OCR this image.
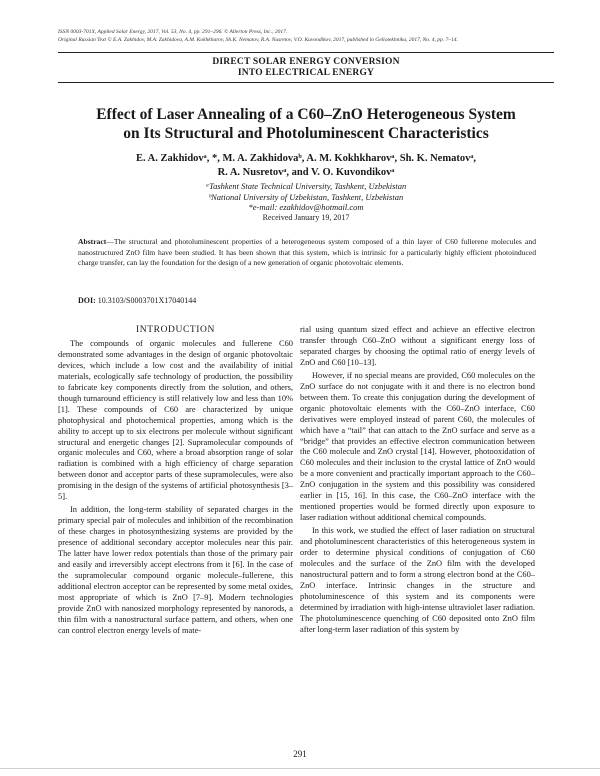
ISSN 0003-701X, Applied Solar Energy, 2017, Vol. 53, No. 4, pp. 291–296. © Allerton Press, Inc., 2017.
Original Russian Text © E.A. Zakhidov, M.A. Zakhidova, A.M. Kokhkharov, Sh.K. Nematov, R.A. Nusretov, V.O. Kuvondikov, 2017, published in Geliotekhnika, 2017, No. 4, pp. 7–14.
DIRECT SOLAR ENERGY CONVERSION
INTO ELECTRICAL ENERGY
Effect of Laser Annealing of a C60–ZnO Heterogeneous System
on Its Structural and Photoluminescent Characteristics
E. A. Zakhidovᵃ, *, M. A. Zakhidovaᵇ, A. M. Kokhkharovᵃ, Sh. K. Nematovᵃ,
R. A. Nusretovᵃ, and V. O. Kuvondikovᵃ
ᵃTashkent State Technical University, Tashkent, Uzbekistan
ᵇNational University of Uzbekistan, Tashkent, Uzbekistan
*e-mail: ezakhidov@hotmail.com
Received January 19, 2017
Abstract—The structural and photoluminescent properties of a heterogeneous system composed of a thin layer of C60 fullerene molecules and nanostructured ZnO film have been studied. It has been shown that this system, which is intrinsic for a particularly highly efficient photoinduced charge transfer, can lay the foundation for the design of a new generation of organic photovoltaic elements.
DOI: 10.3103/S0003701X17040144
INTRODUCTION

The compounds of organic molecules and fullerene C60 demonstrated some advantages in the design of organic photovoltaic devices, which include a low cost and the availability of initial materials, ecologically safe technology of production, the possibility to fabricate key components directly from the solution, and others, though turnaround efficiency is still relatively low and less than 10% [1]. These compounds of C60 are characterized by unique photophysical and photochemical properties, among which is the ability to accept up to six electrons per molecule without significant structural and energetic changes [2]. Supramolecular compounds of organic molecules and C60, where a broad absorption range of solar radiation is combined with a high efficiency of charge separation between donor and acceptor parts of these supramolecules, were also promising in the design of the systems of artificial photosynthesis [3–5].

In addition, the long-term stability of separated charges in the primary special pair of molecules and inhibition of the recombination of these charges in photosynthesizing systems are provided by the presence of additional secondary acceptor molecules near this pair. The latter have lower redox potentials than those of the primary pair and easily and irreversibly accept electrons from it [6]. In the case of the supramolecular compound organic molecule–fullerene, this additional electron acceptor can be represented by some metal oxides, most appropriate of which is ZnO [7–9]. Modern technologies provide ZnO with nanosized morphology represented by nanorods, a thin film with a nanostructural surface pattern, and others, when one can control electron energy levels of mate-

rial using quantum sized effect and achieve an effective electron transfer through C60–ZnO without a significant energy loss of separated charges by choosing the optimal ratio of energy levels of ZnO and C60 [10–13].

However, if no special means are provided, C60 molecules on the ZnO surface do not conjugate with it and there is no electron bond between them. To create this conjugation during the development of organic photovoltaic elements with the C60–ZnO interface, C60 derivatives were employed instead of parent C60, the molecules of which have a “tail” that can attach to the ZnO surface and serve as a “bridge” that provides an effective electron communication between the C60 molecule and ZnO crystal [14]. However, photooxidation of C60 molecules and their inclusion to the crystal lattice of ZnO would be a more convenient and practically important approach to the C60–ZnO conjugation in the system and this possibility was considered earlier in [15, 16]. In this case, the C60–ZnO interface with the mentioned properties would be formed directly upon exposure to laser radiation without additional chemical compounds.

In this work, we studied the effect of laser radiation on structural and photoluminescent characteristics of this heterogeneous system in order to determine physical conditions of conjugation of C60 molecules and the surface of the ZnO film with the developed nanostructural pattern and to form a strong electron bond at the C60–ZnO interface. Intrinsic changes in the structure and photoluminescence of this system and its components were determined by irradiation with high-intense ultraviolet laser radiation. The photoluminescence quenching of C60 deposited onto ZnO film after long-term laser radiation of this system by

291
